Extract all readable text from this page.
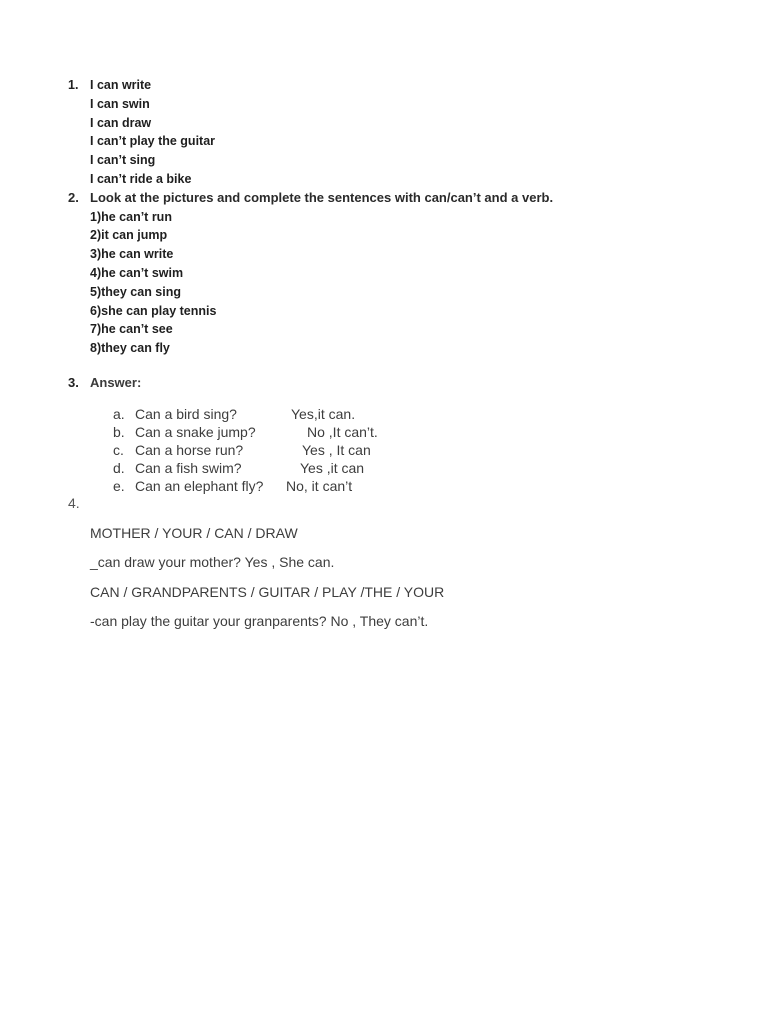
1. I can write
I can swin
I can draw
I can’t play the guitar
I can’t sing
I can’t ride a bike
2. Look at the pictures and complete the sentences with can/can’t and a verb.
1)he can’t run
2)it can jump
3)he can write
4)he can’t swim
5)they can sing
6)she can play tennis
7)he can’t see
8)they can fly
3. Answer:
a. Can a bird sing?	Yes,it can.
b. Can a snake jump?	No ,It can’t.
c. Can a horse run?	Yes , It can
d. Can a fish swim?	Yes ,it can
e. Can an elephant fly? No, it can’t
4.
MOTHER / YOUR / CAN / DRAW
_can draw your mother? Yes , She can.
CAN / GRANDPARENTS / GUITAR / PLAY /THE / YOUR
-can play the guitar your granparents? No , They can’t.
